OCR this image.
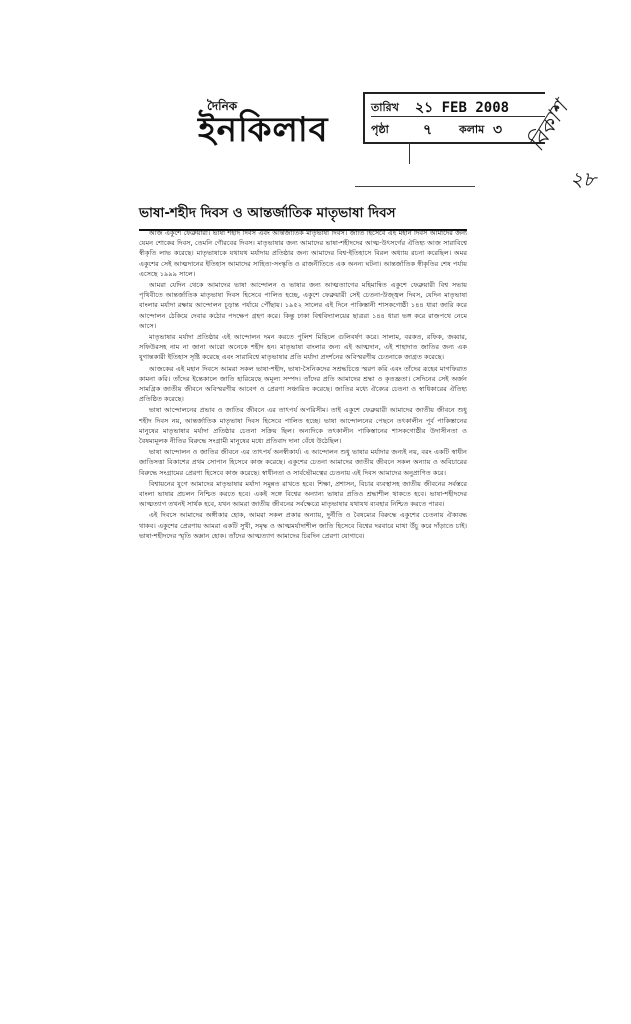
দৈনিক
ইনকিলাব
তারিখ ২১ FEB 2008
পৃষ্ঠা ৭ কলাম ৩ বিকাশ
২৮
ভাষা-শহীদ দিবস ও আন্তর্জাতিক মাতৃভাষা দিবস

আজ একুশে ফেব্রুয়ারী। ভাষা শহীদ দিবস এবং আন্তর্জাতিক মাতৃভাষা দিবস। জাতি হিসেবে এই মহান দিবস আমাদের জন্য যেমন শোকের দিবস, তেমনি গৌরবের দিবস। মাতৃভাষার জন্য আমাদের ভাষা-শহীদদের আত্ম-উৎসর্গের ঐতিহ্য আজ সারাবিশ্বে স্বীকৃতি লাভ করেছে। মাতৃভাষাকে যথাযথ মর্যাদায় প্রতিষ্ঠার জন্য আমাদের বিশ্ব-ইতিহাসে বিরল অধ্যায় রচনা করেছিল। অমর একুশের সেই আত্মদানের ইতিহাস আমাদের সাহিত্য-সংস্কৃতি ও রাজনীতিতে এক অনন্য ঘটনা। আন্তর্জাতিক স্বীকৃতির শেষ পর্যায় এসেছে ১৯৯৯ সালে।

আমরা যেদিন থেকে আমাদের ভাষা আন্দোলন ও ভাষার জন্য আত্মত্যাগের মহিমান্বিত একুশে ফেব্রুয়ারী বিশ্ব সভায় পৃথিবীতে আন্তর্জাতিক মাতৃভাষা দিবস হিসেবে পালিত হচ্ছে, একুশে ফেব্রুয়ারী সেই চেতনা-উজ্জ্বল দিবস, যেদিন মাতৃভাষা বাংলার মর্যাদা রক্ষায় আন্দোলন চূড়ান্ত পর্যায়ে পৌঁছায়। ১৯৫২ সালের এই দিনে পাকিস্তানী শাসকগোষ্ঠী ১৪৪ ধারা জারি করে আন্দোলন ঠেকিয়ে দেবার কঠোর পদক্ষেপ গ্রহণ করে। কিন্তু ঢাকা বিশ্ববিদ্যালয়ের ছাত্ররা ১৪৪ ধারা ভঙ্গ করে রাজপথে নেমে আসে।

মাতৃভাষার মর্যাদা প্রতিষ্ঠার এই আন্দোলন দমন করতে পুলিশ মিছিলে গুলিবর্ষণ করে। সালাম, বরকত, রফিক, জব্বার, সফিউরসহ নাম না জানা আরো অনেকে শহীদ হন। মাতৃভাষা বাংলার জন্য এই আত্মদান, এই শাহাদাত জাতির জন্য এক যুগান্তকারী ইতিহাস সৃষ্টি করেছে এবং সারাবিশ্বে মাতৃভাষার প্রতি মর্যাদা প্রদর্শনের অবিস্মরণীয় চেতনাকে জাগ্রত করেছে।

আজকের এই মহান দিবসে আমরা সকল ভাষা-শহীদ, ভাষা-সৈনিকদের সশ্রদ্ধচিত্তে স্মরণ করি এবং তাঁদের রূহের মাগফিরাত কামনা করি। তাঁদের ইন্তেকালে জাতি হারিয়েছে অমূল্য সম্পদ। তাঁদের প্রতি আমাদের শ্রদ্ধা ও কৃতজ্ঞতা। সেদিনের সেই অর্জন সামগ্রিক জাতীয় জীবনে অবিস্মরণীয় আবেগ ও প্রেরণা সঞ্চারিত করেছে। জাতির মধ্যে ঐক্যের চেতনা ও স্বাধিকারের ঐতিহ্য প্রতিষ্ঠিত করেছে।

ভাষা আন্দোলনের প্রভাব ও জাতির জীবনে এর তাৎপর্য অপরিসীম। তাই একুশে ফেব্রুয়ারী আমাদের জাতীয় জীবনে শুধু শহীদ দিবস নয়, আন্তর্জাতিক মাতৃভাষা দিবস হিসেবে পালিত হচ্ছে। ভাষা আন্দোলনের পেছনে তৎকালীন পূর্ব পাকিস্তানের মানুষের মাতৃভাষার মর্যাদা প্রতিষ্ঠার চেতনা সক্রিয় ছিল। অন্যদিকে তৎকালীন পাকিস্তানের শাসকগোষ্ঠীর উদাসীনতা ও বৈষম্যমূলক নীতির বিরুদ্ধে সংগ্রামী মানুষের মধ্যে প্রতিবাদ দানা বেঁধে উঠেছিল।

ভাষা আন্দোলন ও জাতির জীবনে এর তাৎপর্য অনস্বীকার্য। এ আন্দোলন শুধু ভাষার মর্যাদার জন্যই নয়, বরং একটি স্বাধীন জাতিসত্তা বিকাশের প্রথম সোপান হিসেবে কাজ করেছে। একুশের চেতনা আমাদের জাতীয় জীবনে সকল অন্যায় ও অবিচারের বিরুদ্ধে সংগ্রামের প্রেরণা হিসেবে কাজ করেছে। স্বাধীনতা ও সার্বভৌমত্বের চেতনায় এই দিবস আমাদের অনুপ্রাণিত করে।

বিশ্বায়নের যুগে আমাদের মাতৃভাষার মর্যাদা সমুন্নত রাখতে হবে। শিক্ষা, প্রশাসন, বিচার ব্যবস্থাসহ জাতীয় জীবনের সর্বস্তরে বাংলা ভাষার প্রচলন নিশ্চিত করতে হবে। একই সঙ্গে বিশ্বের অন্যান্য ভাষার প্রতিও শ্রদ্ধাশীল থাকতে হবে। ভাষা-শহীদদের আত্মত্যাগ তখনই সার্থক হবে, যখন আমরা জাতীয় জীবনের সর্বক্ষেত্রে মাতৃভাষার যথাযথ ব্যবহার নিশ্চিত করতে পারব।

এই দিবসে আমাদের অঙ্গীকার হোক, আমরা সকল প্রকার অন্যায়, দুর্নীতি ও বৈষম্যের বিরুদ্ধে একুশের চেতনায় ঐক্যবদ্ধ থাকব। একুশের প্রেরণায় আমরা একটি সুখী, সমৃদ্ধ ও আত্মমর্যাদাশীল জাতি হিসেবে বিশ্বের দরবারে মাথা উঁচু করে দাঁড়াতে চাই। ভাষা-শহীদদের স্মৃতি অম্লান হোক। তাঁদের আত্মত্যাগ আমাদের চিরদিন প্রেরণা যোগাবে।
